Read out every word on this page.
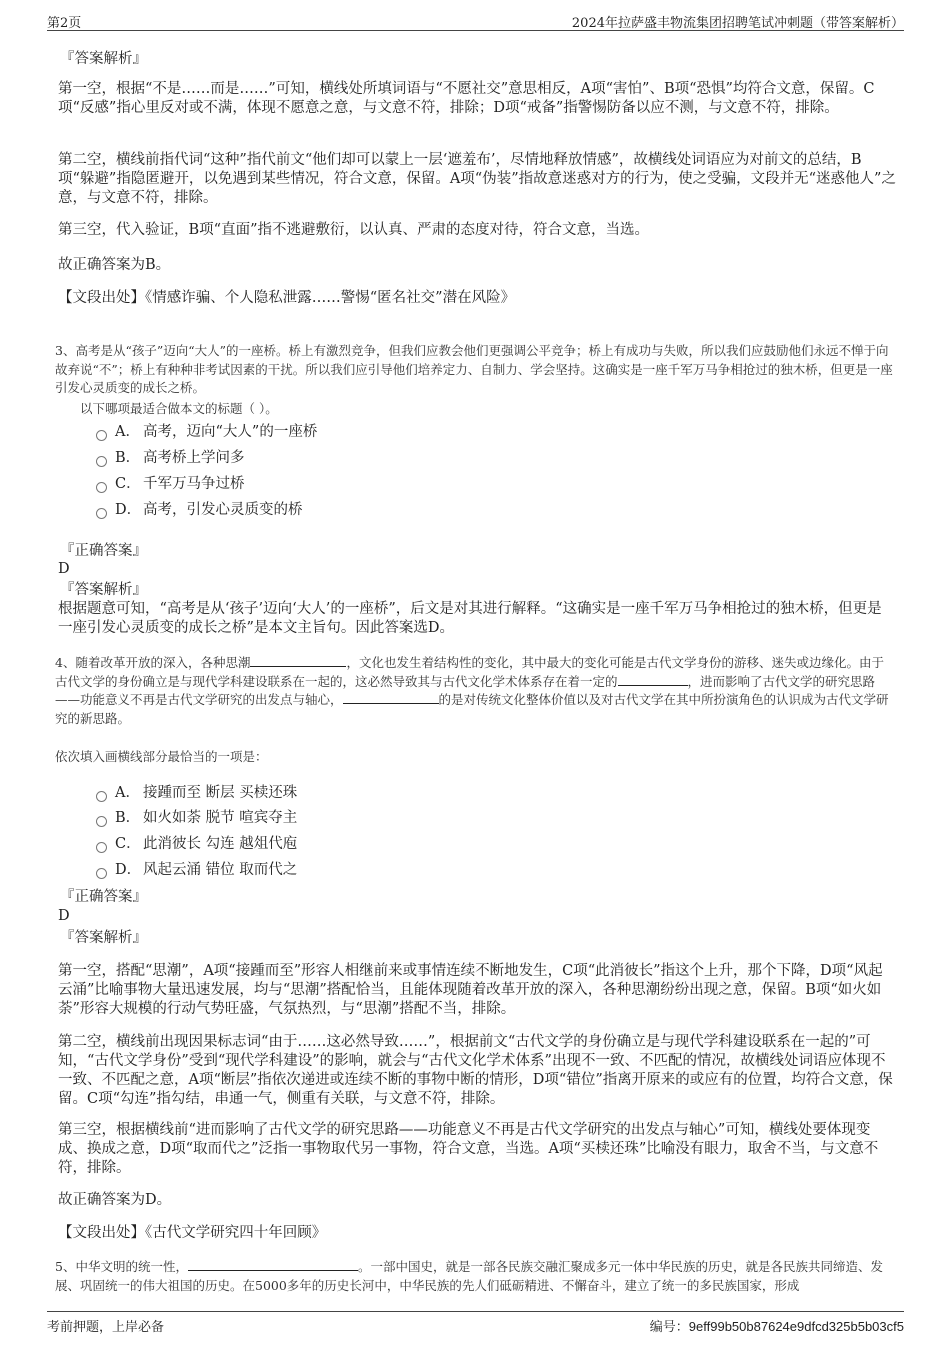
第2页	2024年拉萨盛丰物流集团招聘笔试冲刺题（带答案解析）
『答案解析』
第一空，根据“不是……而是……”可知，横线处所填词语与“不愿社交”意思相反，A项“害怕”、B项“恐惧”均符合文意，保留。C项“反感”指心里反对或不满，体现不愿意之意，与文意不符，排除；D项“戒备”指警惕防备以应不测，与文意不符，排除。
第二空，横线前指代词“这种”指代前文“他们却可以蒙上一层‘遮羞布’，尽情地释放情感”，故横线处词语应为对前文的总结，B项“躲避”指隐匿避开，以免遇到某些情况，符合文意，保留。A项“伪装”指故意迷惑对方的行为，使之受骗，文段并无“迷惑他人”之意，与文意不符，排除。
第三空，代入验证，B项“直面”指不逃避敷衍，以认真、严肃的态度对待，符合文意，当选。
故正确答案为B。
【文段出处】《情感诈骗、个人隐私泄露……警惕“匿名社交”潜在风险》
3、高考是从“孩子”迈向“大人”的一座桥。桥上有激烈竞争，但我们应教会他们更强调公平竞争；桥上有成功与失败，所以我们应鼓励他们永远不惮于向故弃说“不”；桥上有种种非考试因素的干扰。所以我们应引导他们培养定力、自制力、学会坚持。这确实是一座千军万马争相抢过的独木桥，但更是一座引发心灵质变的成长之桥。
以下哪项最适合做本文的标题（ ）。
A． 高考，迈向“大人”的一座桥
B． 高考桥上学问多
C． 千军万马争过桥
D． 高考，引发心灵质变的桥
『正确答案』
D
『答案解析』
根据题意可知，“高考是从‘孩子’迈向‘大人’的一座桥”，后文是对其进行解释。“这确实是一座千军万马争相抢过的独木桥，但更是一座引发心灵质变的成长之桥”是本文主旨句。因此答案选D。
4、随着改革开放的深入，各种思潮	，文化也发生着结构性的变化，其中最大的变化可能是古代文学身份的游移、迷失或边缘化。由于古代文学的身份确立是与现代学科建设联系在一起的，这必然导致其与古代文化学术体系存在着一定的	，进而影响了古代文学的研究思路——功能意义不再是古代文学研究的出发点与轴心，	的是对传统文化整体价值以及对古代文学在其中所扮演角色的认识成为古代文学研究的新思路。
依次填入画横线部分最恰当的一项是：
A． 接踵而至 断层 买椟还珠
B． 如火如荼 脱节 喧宾夺主
C． 此消彼长 勾连 越俎代庖
D． 风起云涌 错位 取而代之
『正确答案』
D
『答案解析』
第一空，搭配“思潮”，A项“接踵而至”形容人相继前来或事情连续不断地发生，C项“此消彼长”指这个上升，那个下降，D项“风起云涌”比喻事物大量迅速发展，均与“思潮”搭配恰当，且能体现随着改革开放的深入，各种思潮纷纷出现之意，保留。B项“如火如荼”形容大规模的行动气势旺盛，气氛热烈，与“思潮”搭配不当，排除。
第二空，横线前出现因果标志词“由于……这必然导致……”，根据前文“古代文学的身份确立是与现代学科建设联系在一起的”可知，“古代文学身份”受到“现代学科建设”的影响，就会与“古代文化学术体系”出现不一致、不匹配的情况，故横线处词语应体现不一致、不匹配之意，A项“断层”指依次递进或连续不断的事物中断的情形，D项“错位”指离开原来的或应有的位置，均符合文意，保留。C项“勾连”指勾结，串通一气，侧重有关联，与文意不符，排除。
第三空，根据横线前“进而影响了古代文学的研究思路——功能意义不再是古代文学研究的出发点与轴心”可知，横线处要体现变成、换成之意，D项“取而代之”泛指一事物取代另一事物，符合文意，当选。A项“买椟还珠”比喻没有眼力，取舍不当，与文意不符，排除。
故正确答案为D。
【文段出处】《古代文学研究四十年回顾》
5、中华文明的统一性，	。一部中国史，就是一部各民族交融汇聚成多元一体中华民族的历史，就是各民族共同缔造、发展、巩固统一的伟大祖国的历史。在5000多年的历史长河中，中华民族的先人们砥砺精进、不懈奋斗，建立了统一的多民族国家，形成
考前押题，上岸必备	编号：9eff99b50b87624e9dfcd325b5b03cf5
